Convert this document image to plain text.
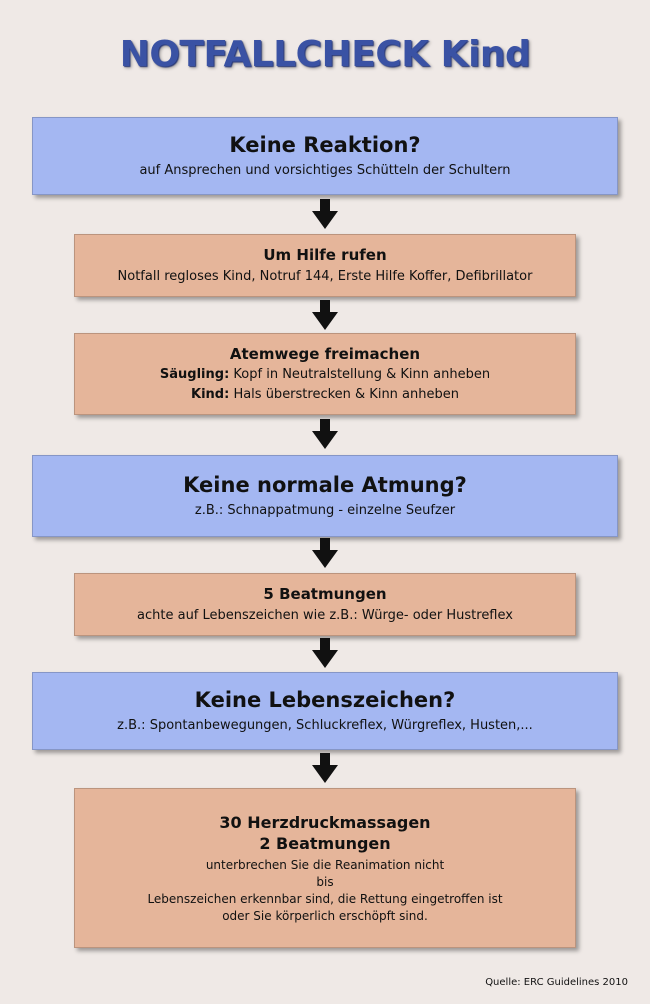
NOTFALLCHECK Kind
Keine Reaktion?
auf Ansprechen und vorsichtiges Schütteln der Schultern
Um Hilfe rufen
Notfall regloses Kind, Notruf 144, Erste Hilfe Koffer, Defibrillator
Atemwege freimachen
Säugling: Kopf in Neutralstellung & Kinn anheben
Kind: Hals überstrecken & Kinn anheben
Keine normale Atmung?
z.B.: Schnappatmung - einzelne Seufzer
5 Beatmungen
achte auf Lebenszeichen wie z.B.: Würge- oder Hustreflex
Keine Lebenszeichen?
z.B.: Spontanbewegungen, Schluckreflex, Würgreflex, Husten,...
30 Herzdruckmassagen
2 Beatmungen
unterbrechen Sie die Reanimation nicht
bis
Lebenszeichen erkennbar sind, die Rettung eingetroffen ist
oder Sie körperlich erschöpft sind.
Quelle: ERC Guidelines 2010
